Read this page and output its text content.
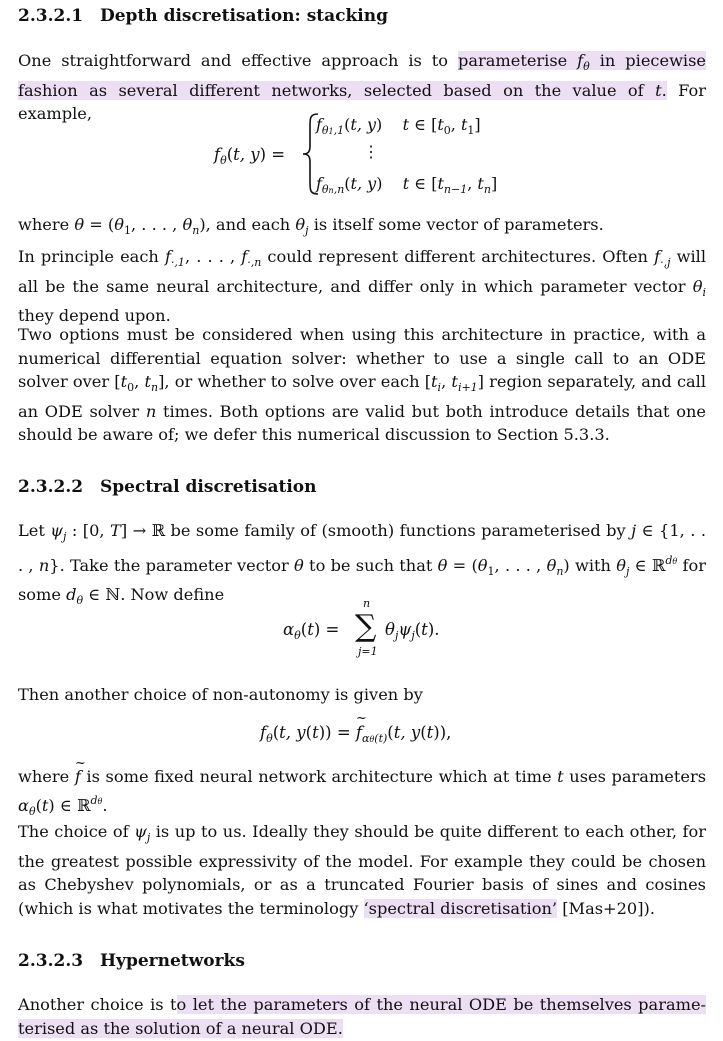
2.3.2.1 Depth discretisation: stacking
One straightforward and effective approach is to parameterise $f_\theta$ in piecewise fashion as several different networks, selected based on the value of t. For example,
$f_\theta(t$, y) =
$f_{\theta 1,1}(t$, y)    t ∈ [$t_0$, $t_1$]
⋮
$f_{\theta n,n}(t$, y)    t ∈ [$t_{n-1}$, $t_n$]
where $\theta = (\theta_1$, . . . , $\theta_n$), and each $\theta_j$ is itself some vector of parameters.
In principle each $f_{\cdot,1}$, . . . , $f_{\cdot,n}$ could represent different architectures. Often $f_{\cdot,j}$ will all be the same neural architecture, and differ only in which parameter vector $\theta_i$ they depend upon.
Two options must be considered when using this architecture in practice, with a numerical differential equation solver: whether to use a single call to an ODE solver over [$t_0$, $t_n$], or whether to solve over each [$t_i$, $t_{i+1}$] region separately, and call an ODE solver n times. Both options are valid but both introduce details that one should be aware of; we defer this numerical discussion to Section 5.3.3.
2.3.2.2 Spectral discretisation
Let $\psi_j$ : [0, T] → ℝ be some family of (smooth) functions parameterised by j ∈ {1, . . . , n}. Take the parameter vector θ to be such that $\theta = (\theta_1$, . . . , $\theta_n$) with $\theta_j$ ∈ ℝ$^{d\theta}$ for some $d_\theta$ ∈ ℕ. Now define
$\alpha_\theta(t)$ = ∑
n
j=1
$\theta_j\psi_j(t)$.
Then another choice of non-autonomy is given by
$f_\theta(t$, y(t)) =
~
$f_{\alpha\theta(t)}(t$, y(t)),
where
~
f is some fixed neural network architecture which at time t uses parameters $\alpha_\theta(t)$ ∈ ℝ$^{d\theta}$.
The choice of $\psi_j$ is up to us. Ideally they should be quite different to each other, for the greatest possible expressivity of the model. For example they could be chosen as Chebyshev polynomials, or as a truncated Fourier basis of sines and cosines (which is what motivates the terminology ‘spectral discretisation’ [Mas+20]).
2.3.2.3 Hypernetworks
Another choice is to let the parameters of the neural ODE be themselves parame-terised as the solution of a neural ODE.
